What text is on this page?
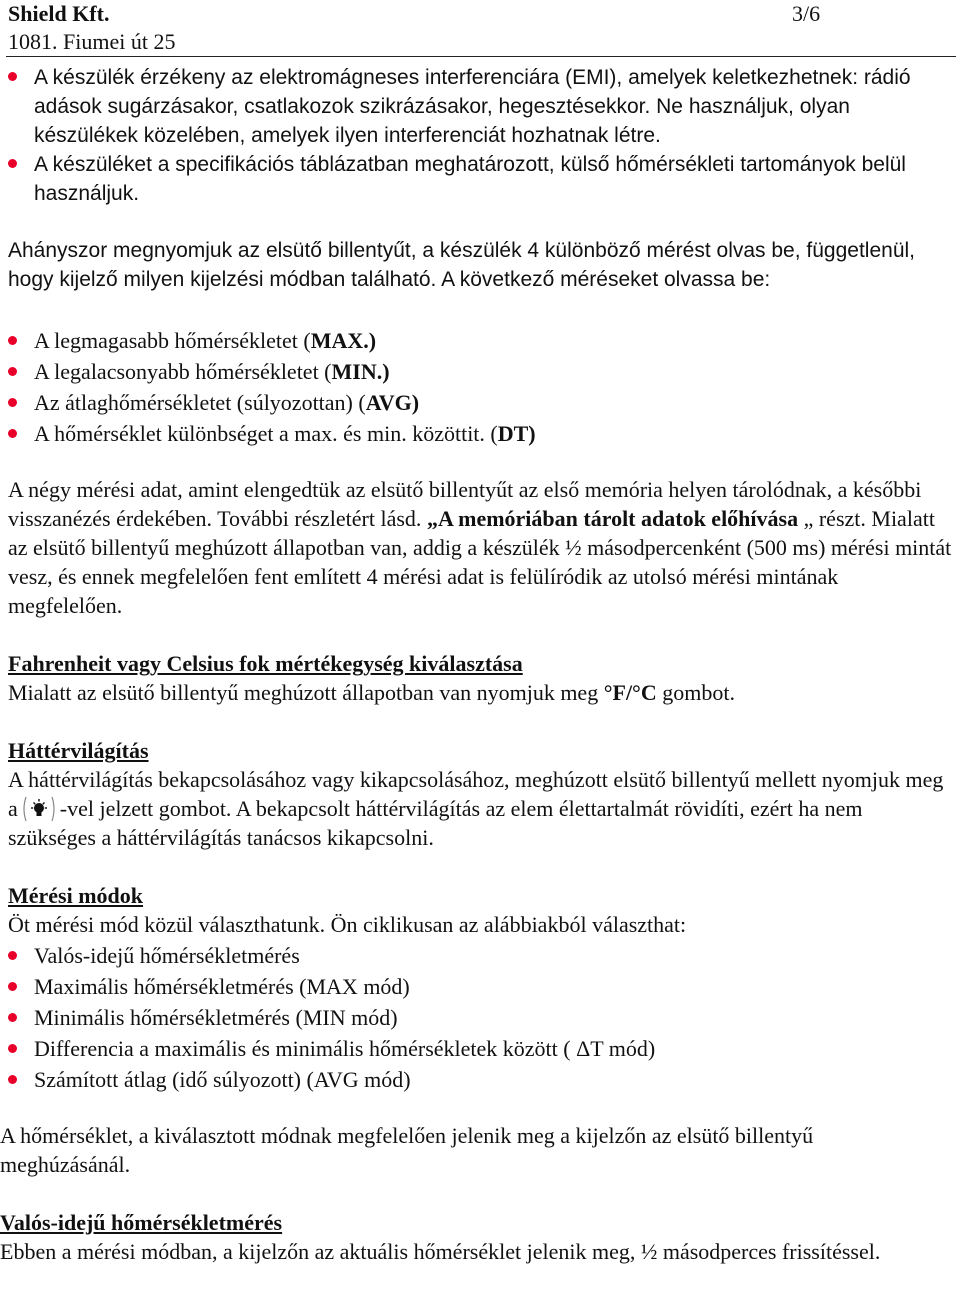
Shield Kft.	3/6
1081. Fiumei út 25
A készülék érzékeny az elektromágneses interferenciára (EMI), amelyek keletkezhetnek: rádió adások sugárzásakor, csatlakozok szikrázásakor, hegesztésekkor. Ne használjuk, olyan készülékek közelében, amelyek ilyen interferenciát hozhatnak létre.
A készüléket a specifikációs táblázatban meghatározott, külső hőmérsékleti tartományok belül használjuk.
Ahányszor megnyomjuk az elsütő billentyűt, a készülék 4 különböző mérést olvas be, függetlenül, hogy kijelző milyen kijelzési módban található. A következő méréseket olvassa be:
A legmagasabb hőmérsékletet (MAX.)
A legalacsonyabb hőmérsékletet (MIN.)
Az átlaghőmérsékletet (súlyozottan) (AVG)
A hőmérséklet különbséget a max. és min. közöttit. (DT)
A négy mérési adat, amint elengedtük az elsütő billentyűt az első memória helyen tárolódnak, a későbbi visszanézés érdekében. További részletért lásd. „A memóriában tárolt adatok előhívása „ részt. Mialatt az elsütő billentyű meghúzott állapotban van, addig a készülék ½ másodpercenként (500 ms) mérési mintát vesz, és ennek megfelelően fent említett 4 mérési adat is felülíródik az utolsó mérési mintának megfelelően.
Fahrenheit vagy Celsius fok mértékegység kiválasztása
Mialatt az elsütő billentyű meghúzott állapotban van nyomjuk meg °F/°C gombot.
Háttérvilágítás
A háttérvilágítás bekapcsolásához vagy kikapcsolásához, meghúzott elsütő billentyű mellett nyomjuk meg a -vel jelzett gombot. A bekapcsolt háttérvilágítás az elem élettartalmát rövidíti, ezért ha nem szükséges a háttérvilágítás tanácsos kikapcsolni.
Mérési módok
Öt mérési mód közül választhatunk. Ön ciklikusan az alábbiakból választhat:
Valós-idejű hőmérsékletmérés
Maximális hőmérsékletmérés (MAX mód)
Minimális hőmérsékletmérés (MIN mód)
Differencia a maximális és minimális hőmérsékletek között ( ΔT mód)
Számított átlag (idő súlyozott) (AVG mód)
A hőmérséklet, a kiválasztott módnak megfelelően jelenik meg a kijelzőn az elsütő billentyű meghúzásánál.
Valós-idejű hőmérsékletmérés
Ebben a mérési módban, a kijelzőn az aktuális hőmérséklet jelenik meg, ½ másodperces frissítéssel.
